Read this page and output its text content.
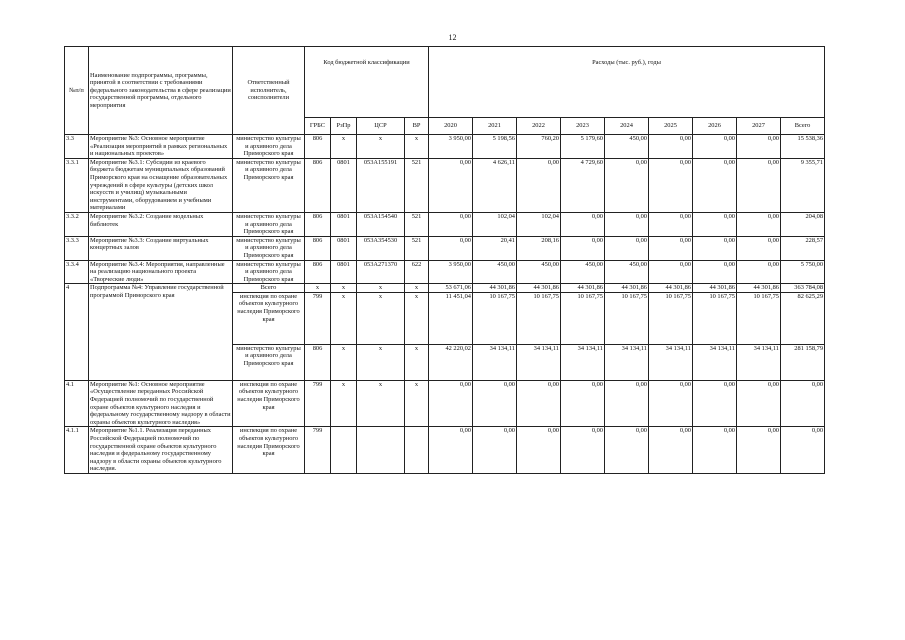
12
№п/п	Наименование подпрограммы, программы, принятой в соответствии с требованиями федерального законодательства в сфере реализации государственной программы, отдельного мероприятия	Ответственный исполнитель, соисполнители	Код бюджетной классификации				Расходы (тыс. руб.), годы								
			ГРБС	РзПр	ЦСР	ВР	2020	2021	2022	2023	2024	2025	2026	2027	Всего
3.3	Мероприятие №3: Основное мероприятие «Реализация мероприятий в рамках региональных и национальных проектов»	министерство культуры и архивного дела Приморского края	806	x	x	x	3 950,00	5 198,56	760,20	5 179,60	450,00	0,00	0,00	0,00	15 538,36
3.3.1	Мероприятие №3.1: Субсидии из краевого бюджета бюджетам муниципальных образований Приморского края на оснащение образовательных учреждений в сфере культуры (детских школ искусств и училищ) музыкальными инструментами, оборудованием и учебными материалами	министерство культуры и архивного дела Приморского края	806	0801	053A155191	521	0,00	4 626,11	0,00	4 729,60	0,00	0,00	0,00	0,00	9 355,71
3.3.2	Мероприятие №3.2: Создание модельных библиотек	министерство культуры и архивного дела Приморского края	806	0801	053A154540	521	0,00	102,04	102,04	0,00	0,00	0,00	0,00	0,00	204,08
3.3.3	Мероприятие №3.3: Создание виртуальных концертных залов	министерство культуры и архивного дела Приморского края	806	0801	053A354530	521	0,00	20,41	208,16	0,00	0,00	0,00	0,00	0,00	228,57
3.3.4	Мероприятие №3.4: Мероприятия, направленные на реализацию национального проекта «Творческие люди»	министерство культуры и архивного дела Приморского края	806	0801	053A271370	622	3 950,00	450,00	450,00	450,00	450,00	0,00	0,00	0,00	5 750,00
4	Подпрограмма №4: Управление государственной программой Приморского края	Всего	x	x	x	x	53 671,06	44 301,86	44 301,86	44 301,86	44 301,86	44 301,86	44 301,86	44 301,86	363 784,08
		инспекция по охране объектов культурного наследия Приморского края	799	x	x	x	11 451,04	10 167,75	10 167,75	10 167,75	10 167,75	10 167,75	10 167,75	10 167,75	82 625,29
		министерство культуры и архивного дела Приморского края	806	x	x	x	42 220,02	34 134,11	34 134,11	34 134,11	34 134,11	34 134,11	34 134,11	34 134,11	281 158,79
4.1	Мероприятие №1: Основное мероприятие «Осуществление переданных Российской Федерацией полномочий по государственной охране объектов культурного наследия и федеральному государственному надзору в области охраны объектов культурного наследия»	инспекция по охране объектов культурного наследия Приморского края	799	x	x	x	0,00	0,00	0,00	0,00	0,00	0,00	0,00	0,00	0,00
4.1.1	Мероприятие №1.1. Реализация переданных Российской Федерацией полномочий по государственной охране объектов культурного наследия и федеральному государственному надзору в области охраны объектов культурного наследия.	инспекция по охране объектов культурного наследия Приморского края	799				0,00	0,00	0,00	0,00	0,00	0,00	0,00	0,00	0,00
